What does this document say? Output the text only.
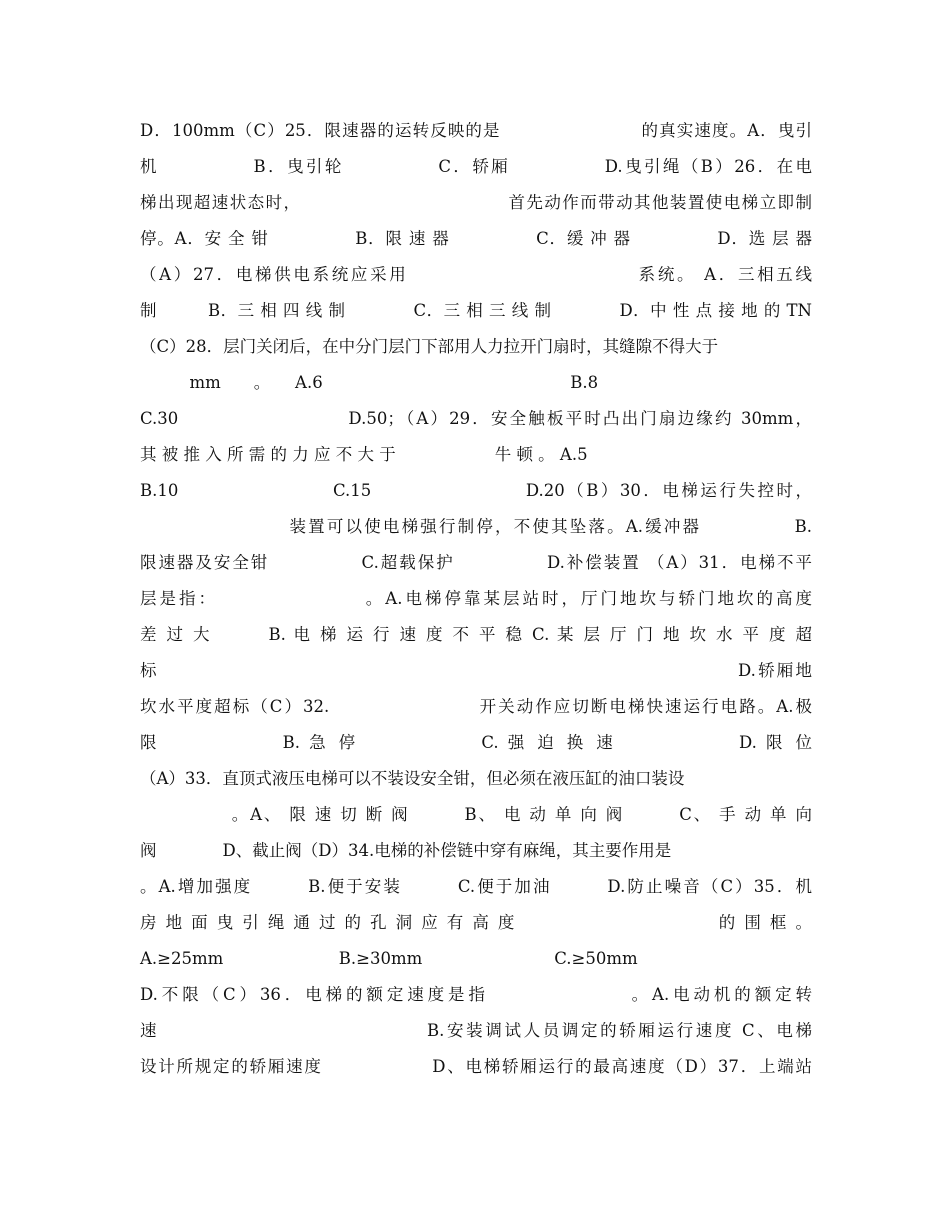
D．100mm（C）25．限速器的运转反映的是　　　　　　　　的真实速度。A．曳引
机　　　　　B．曳引轮　　　　　C．轿厢　　　　　D.曳引绳（B）26．在电
梯出现超速状态时，　　　　　　　　　　　　首先动作而带动其他装置使电梯立即制
停。A．安 全 钳　　　　　B．限 速 器　　　　　C．缓 冲 器　　　　　D．选 层 器
（A）27．电梯供电系统应采用　　　　　　　　　　　　系统。 A．三相五线
制　　　B．三 相 四 线 制　　　　C．三 相 三 线 制　　　　D．中 性 点 接 地 的 TN
（C）28．层门关闭后，在中分门层门下部用人力拉开门扇时，其缝隙不得大于
　　　mm　　。　　A.6　　　　　　　　　　　　　　　B.8
C.30　　　　　　　　　D.50；（A）29．安全触板平时凸出门扇边缘约 30mm，
其 被 推 入 所 需 的 力 应 不 大 于　　　　　　牛 顿 。 A.5
B.10　　　　　　　　C.15　　　　　　　　D.20（B）30．电梯运行失控时，
　　　　　　　　装置可以使电梯强行制停，不使其坠落。A.缓冲器　　　　　B.
限速器及安全钳　　　　　C.超载保护　　　　　D.补偿装置 （A）31．电梯不平
层是指：　　　　　　　　。A.电梯停靠某层站时，厅门地坎与轿门地坎的高度
差 过 大　　　B. 电 梯 运 行 速 度 不 平 稳 C. 某 层 厅 门 地 坎 水 平 度 超
标　　　　　　　　　　　　　　　　　　　　　　　　　　　　　　　D.轿厢地
坎水平度超标（C）32.　　　　　　　　开关动作应切断电梯快速运行电路。A.极
限　　　　　　B. 急 停　　　　　　C. 强 迫 换 速　　　　　　D. 限 位
（A）33．直顶式液压电梯可以不装设安全钳，但必须在液压缸的油口装设
　　　　　。A、 限 速 切 断 阀　　　B、 电 动 单 向 阀　　　C、 手 动 单 向
阀　　　　D、截止阀（D）34.电梯的补偿链中穿有麻绳，其主要作用是
。A.增加强度　　　B.便于安装　　　C.便于加油　　　D.防止噪音（C）35．机
房 地 面 曳 引 绳 通 过 的 孔 洞 应 有 高 度　　　　　　　　　　　的 围 框 。
A.≥25mm　　　　　　　B.≥30mm　　　　　　　　C.≥50mm
D.不限（C）36．电梯的额定速度是指　　　　　　　。A.电动机的额定转
速　　　　　　　　　　　　　　B.安装调试人员调定的轿厢运行速度 C、电梯
设计所规定的轿厢速度　　　　　　D、电梯轿厢运行的最高速度（D）37．上端站
